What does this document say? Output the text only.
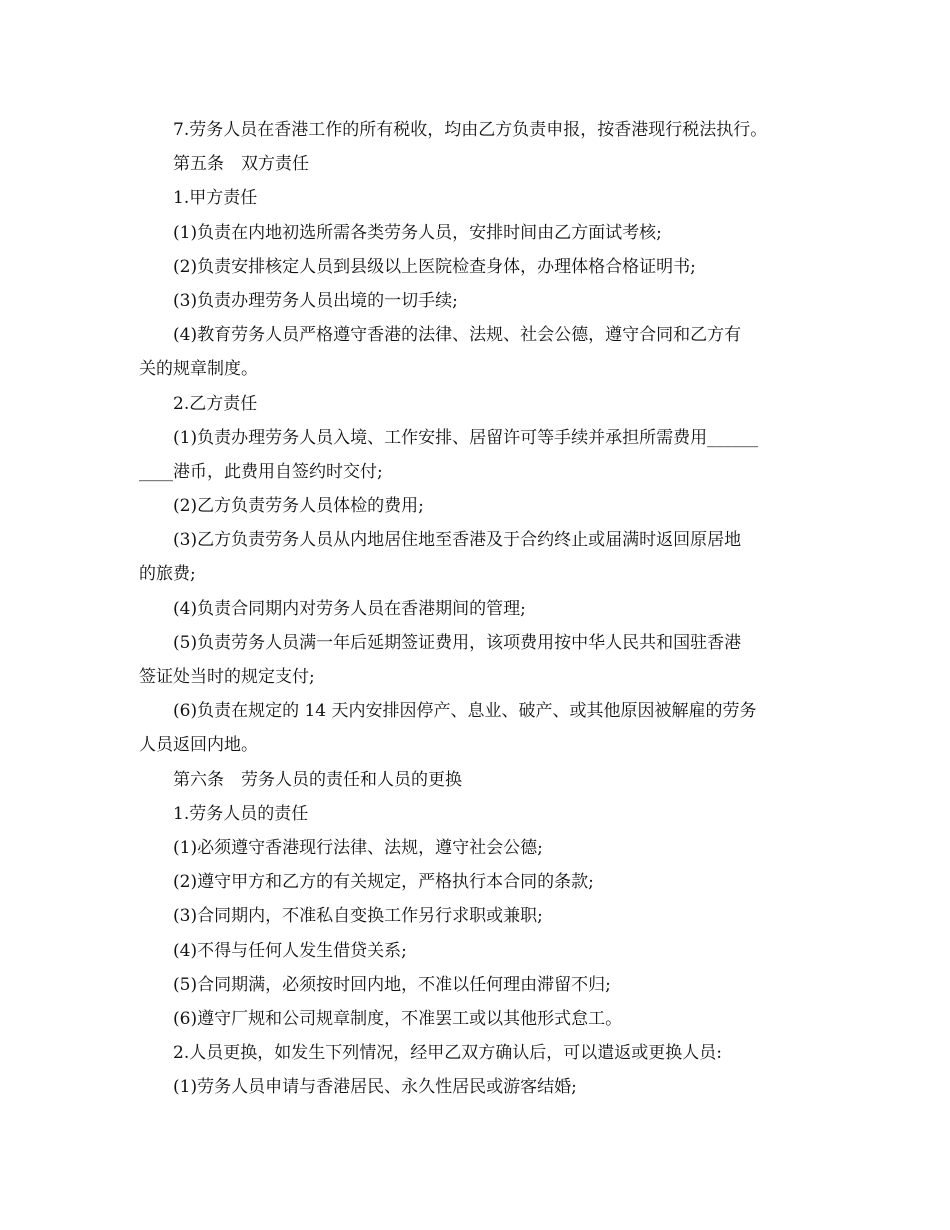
7.劳务人员在香港工作的所有税收，均由乙方负责申报，按香港现行税法执行。
第五条　双方责任
1.甲方责任
(1)负责在内地初选所需各类劳务人员，安排时间由乙方面试考核;
(2)负责安排核定人员到县级以上医院检查身体，办理体格合格证明书;
(3)负责办理劳务人员出境的一切手续;
(4)教育劳务人员严格遵守香港的法律、法规、社会公德，遵守合同和乙方有
关的规章制度。
2.乙方责任
(1)负责办理劳务人员入境、工作安排、居留许可等手续并承担所需费用______
____港币，此费用自签约时交付;
(2)乙方负责劳务人员体检的费用;
(3)乙方负责劳务人员从内地居住地至香港及于合约终止或届满时返回原居地
的旅费;
(4)负责合同期内对劳务人员在香港期间的管理;
(5)负责劳务人员满一年后延期签证费用，该项费用按中华人民共和国驻香港
签证处当时的规定支付;
(6)负责在规定的 14 天内安排因停产、息业、破产、或其他原因被解雇的劳务
人员返回内地。
第六条　劳务人员的责任和人员的更换
1.劳务人员的责任
(1)必须遵守香港现行法律、法规，遵守社会公德;
(2)遵守甲方和乙方的有关规定，严格执行本合同的条款;
(3)合同期内，不准私自变换工作另行求职或兼职;
(4)不得与任何人发生借贷关系;
(5)合同期满，必须按时回内地，不准以任何理由滞留不归;
(6)遵守厂规和公司规章制度，不准罢工或以其他形式怠工。
2.人员更换，如发生下列情况，经甲乙双方确认后，可以遣返或更换人员:
(1)劳务人员申请与香港居民、永久性居民或游客结婚;
